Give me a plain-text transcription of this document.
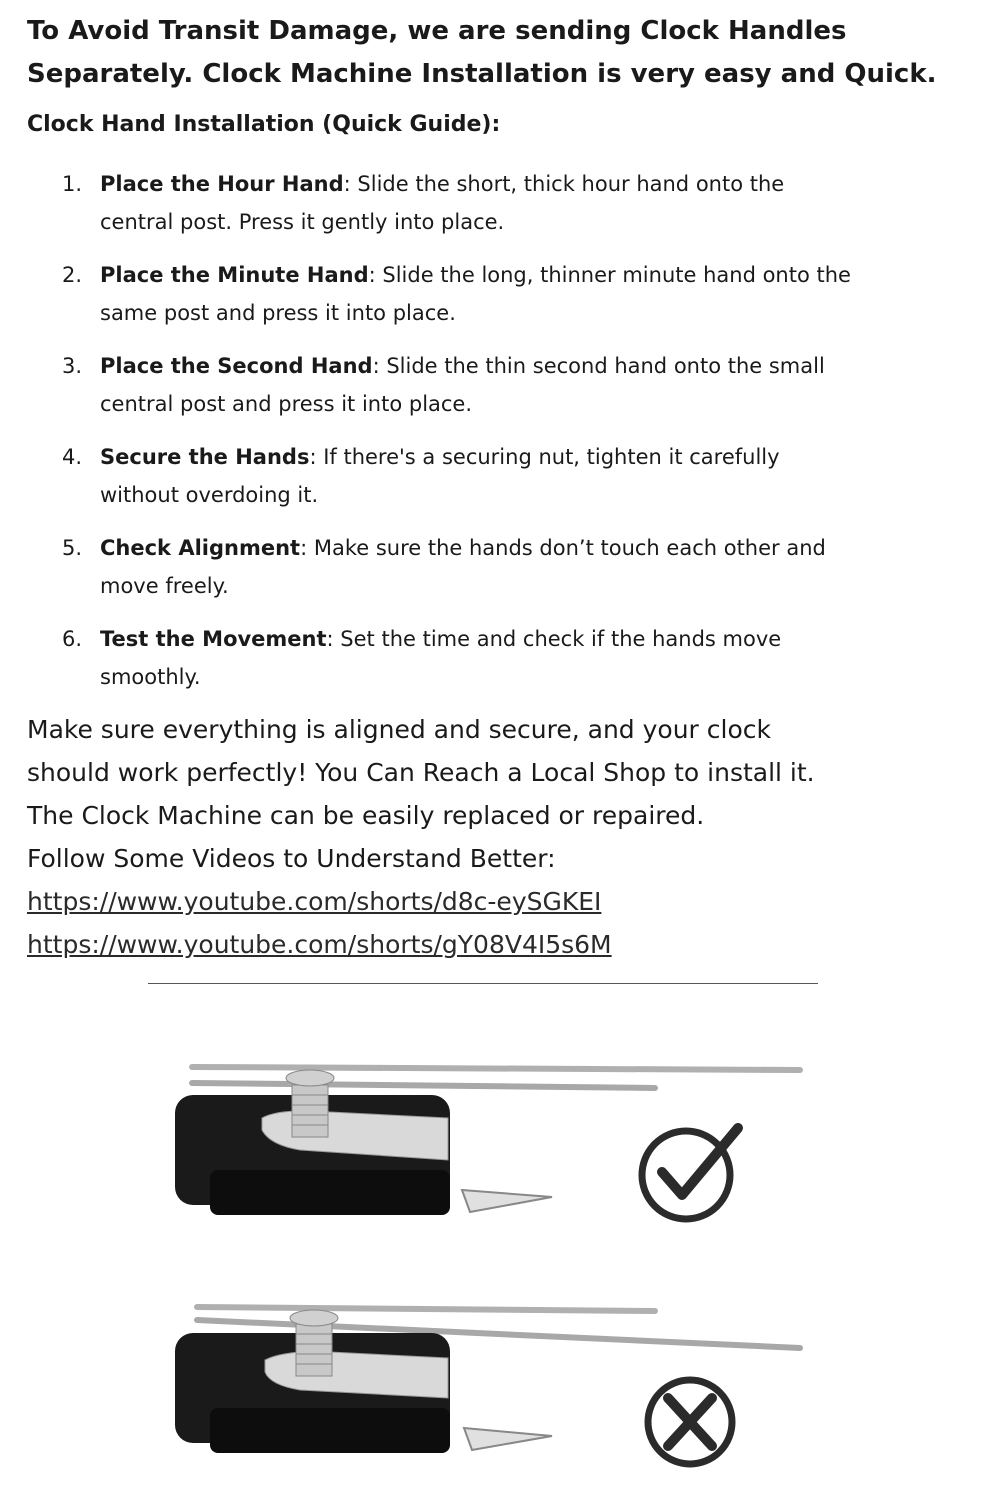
To Avoid Transit Damage, we are sending Clock Handles
Separately. Clock Machine Installation is very easy and Quick.
Clock Hand Installation (Quick Guide):
1. Place the Hour Hand: Slide the short, thick hour hand onto the
central post. Press it gently into place.
2. Place the Minute Hand: Slide the long, thinner minute hand onto the
same post and press it into place.
3. Place the Second Hand: Slide the thin second hand onto the small
central post and press it into place.
4. Secure the Hands: If there's a securing nut, tighten it carefully
without overdoing it.
5. Check Alignment: Make sure the hands don’t touch each other and
move freely.
6. Test the Movement: Set the time and check if the hands move
smoothly.
Make sure everything is aligned and secure, and your clock
should work perfectly! You Can Reach a Local Shop to install it.
The Clock Machine can be easily replaced or repaired.
Follow Some Videos to Understand Better:
https://www.youtube.com/shorts/d8c-eySGKEI
https://www.youtube.com/shorts/gY08V4I5s6M
